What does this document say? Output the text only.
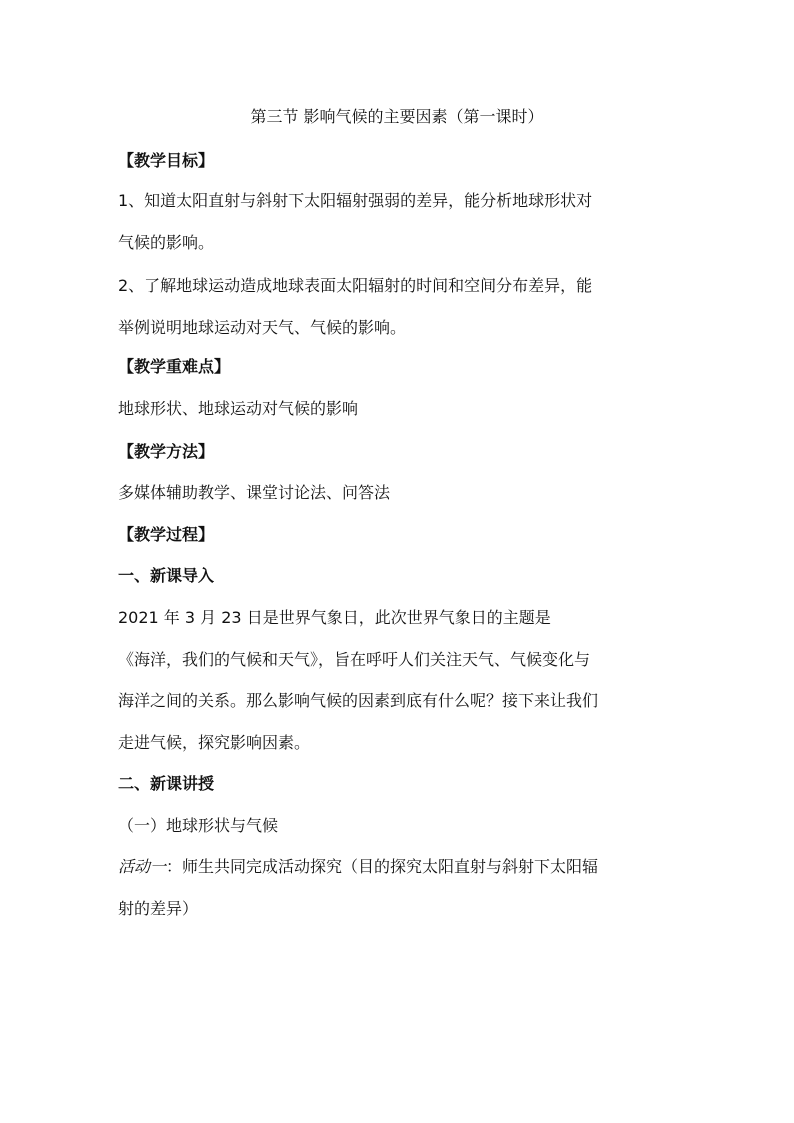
第三节 影响气候的主要因素（第一课时）
【教学目标】
1、知道太阳直射与斜射下太阳辐射强弱的差异，能分析地球形状对
气候的影响。
2、了解地球运动造成地球表面太阳辐射的时间和空间分布差异，能
举例说明地球运动对天气、气候的影响。
【教学重难点】
地球形状、地球运动对气候的影响
【教学方法】
多媒体辅助教学、课堂讨论法、问答法
【教学过程】
一、新课导入
2021 年 3 月 23 日是世界气象日，此次世界气象日的主题是
《海洋，我们的气候和天气》，旨在呼吁人们关注天气、气候变化与
海洋之间的关系。那么影响气候的因素到底有什么呢？接下来让我们
走进气候，探究影响因素。
二、新课讲授
（一）地球形状与气候
活动一：师生共同完成活动探究（目的探究太阳直射与斜射下太阳辐
射的差异）
